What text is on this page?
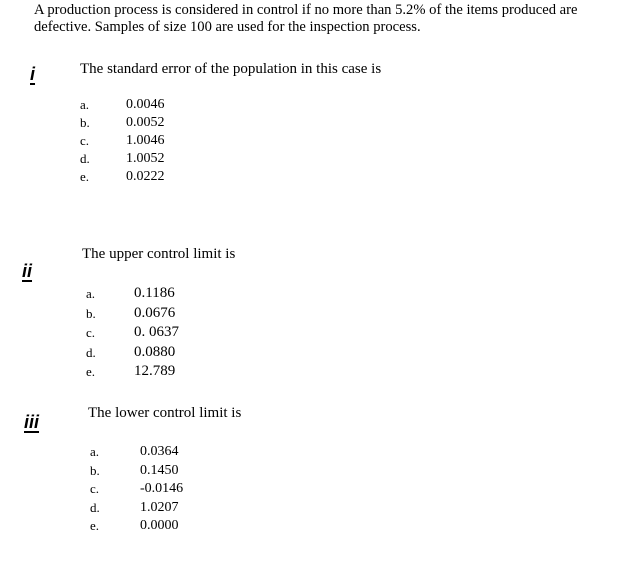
A production process is considered in control if no more than 5.2% of the items produced are defective. Samples of size 100 are used for the inspection process.

i	The standard error of the population in this case is
a.	0.0046
b.	0.0052
c.	1.0046
d.	1.0052
e.	0.0222
ii
The upper control limit is
a.	0.1186
b.	0.0676
c.	0. 0637
d.	0.0880
e.	12.789
iii	The lower control limit is
a.	0.0364
b.	0.1450
c.	-0.0146
d.	1.0207
e.	0.0000
